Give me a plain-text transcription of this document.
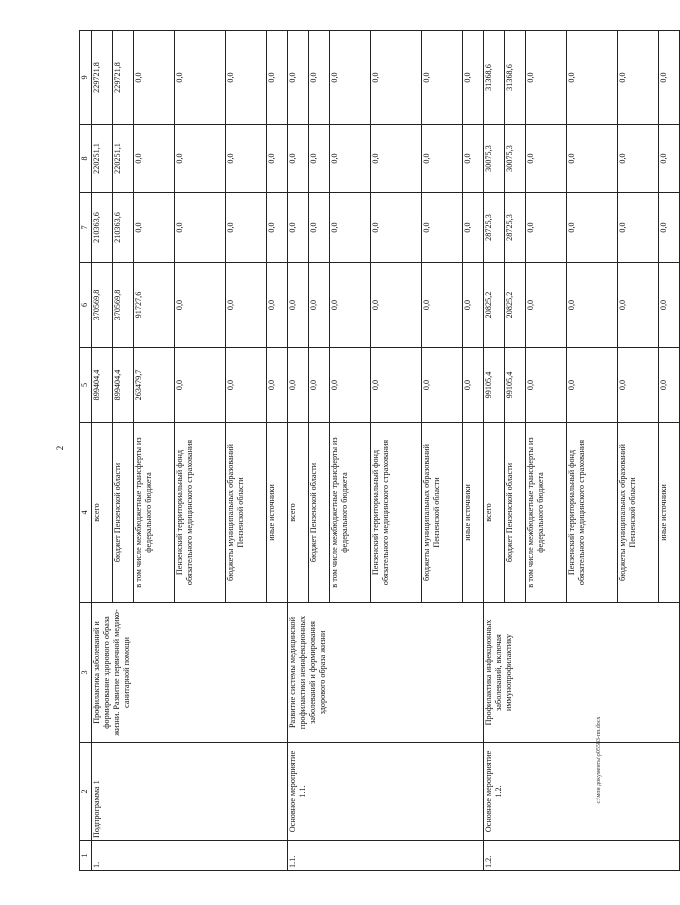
2
1	2	3	4	5	6	7	8	9
1.	Подпрограмма 1	Профилактика заболеваний и формирование здорового образа жизни. Развитие первичной медико-санитарной помощи	всего	899404,4	370569,8	210363,6	220251,1	229721,8
			бюджет Пензенской области	899404,4	370569,8	210363,6	220251,1	229721,8
			в том числе межбюджетные трансферты из федерального бюджета	263479,7	91727,6	0,0	0,0	0,0
			Пензенский территориальный фонд обязательного медицинского страхования	0,0	0,0	0,0	0,0	0,0
			бюджеты муниципальных образований Пензенской области	0,0	0,0	0,0	0,0	0,0
			иные источники	0,0	0,0	0,0	0,0	0,0
1.1.	Основное мероприятие 1.1.	Развитие системы медицинской профилактики неинфекционных заболеваний и формирования здорового образа жизни	всего	0,0	0,0	0,0	0,0	0,0
			бюджет Пензенской области	0,0	0,0	0,0	0,0	0,0
			в том числе межбюджетные трансферты из федерального бюджета	0,0	0,0	0,0	0,0	0,0
			Пензенский территориальный фонд обязательного медицинского страхования	0,0	0,0	0,0	0,0	0,0
			бюджеты муниципальных образований Пензенской области	0,0	0,0	0,0	0,0	0,0
			иные источники	0,0	0,0	0,0	0,0	0,0
1.2.	Основное мероприятие 1.2.	Профилактика инфекционных заболеваний, включая иммунопрофилактику	всего	99105,4	20825,2	28725,3	30075,3	31368,6
			бюджет Пензенской области	99105,4	20825,2	28725,3	30075,3	31368,6
			в том числе межбюджетные трансферты из федерального бюджета	0,0	0,0	0,0	0,0	0,0
			Пензенский территориальный фонд обязательного медицинского страхования	0,0	0,0	0,0	0,0	0,0
			бюджеты муниципальных образований Пензенской области	0,0	0,0	0,0	0,0	0,0
			иные источники	0,0	0,0	0,0	0,0	0,0
c:\мои документы\р05583-пп.docx
